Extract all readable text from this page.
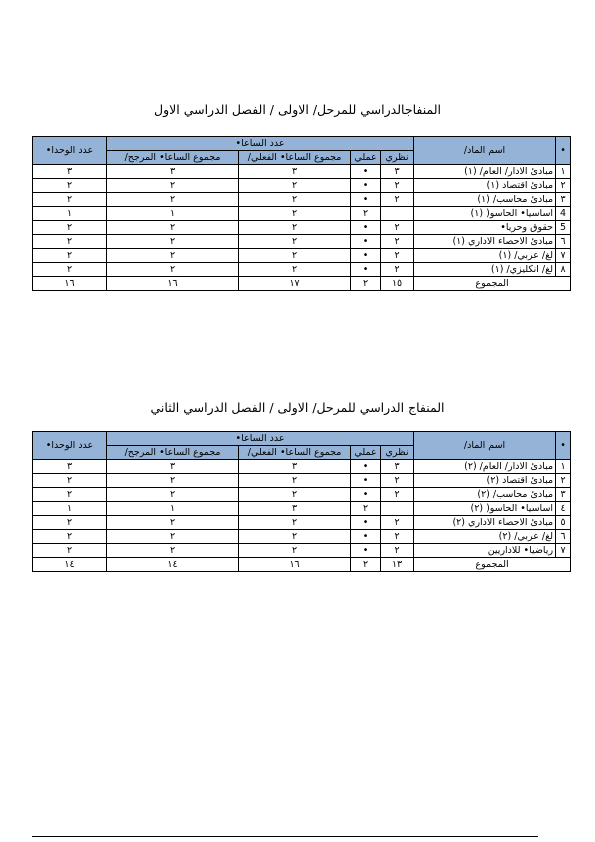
المنفاجالدراسي للمرحل/ الاولى / الفصل الدراسي الاول
•	اسم الماد/	عدد الساعا•				عدد الوحدا•
		نظري	عملي	مجموع الساعا• الفعلي/	مجموع الساعا• المرجح/	
١	مبادئ الادار/ العام/ (١)	٣	•	٣	٣	٣
٢	مبادئ اقتصاد (١)	٢	•	٢	٢	٢
٣	مبادئ محاسب/ (١)	٢	•	٢	٢	٢
4	اساسيا• الحاسو( (١)		٢	٢	١	١
5	حقوق وحريا•	٢	•	٢	٢	٢
٦	مبادئ الاحصاء الاداري (١)	٢	•	٢	٢	٢
٧	لغ/ عربي/ (١)	٢	•	٢	٢	٢
٨	لغ/ انكليزي/ (١)	٢	•	٢	٢	٢
المجموع		١٥	٢	١٧	١٦	١٦
المنفاج الدراسي للمرحل/ الاولى / الفصل الدراسي الثاني
•	اسم الماد/	عدد الساعا•				عدد الوحدا•
		نظري	عملي	مجموع الساعا• الفعلي/	مجموع الساعا• المرجح/	
١	مبادئ الادار/ العام/ (٢)	٣	•	٣	٣	٣
٢	مبادئ اقتصاد (٢)	٢	•	٢	٢	٢
٣	مبادئ محاسب/ (٢)	٢	•	٢	٢	٢
٤	اساسيا• الحاسو( (٢)		٢	٣	١	١
٥	مبادئ الاحصاء الاداري (٢)	٢	•	٢	٢	٢
٦	لغ/ عربي/ (٢)	٢	•	٢	٢	٢
٧	رياضيا• للاداريين	٢	•	٢	٢	٢
المجموع		١٣	٢	١٦	١٤	١٤
